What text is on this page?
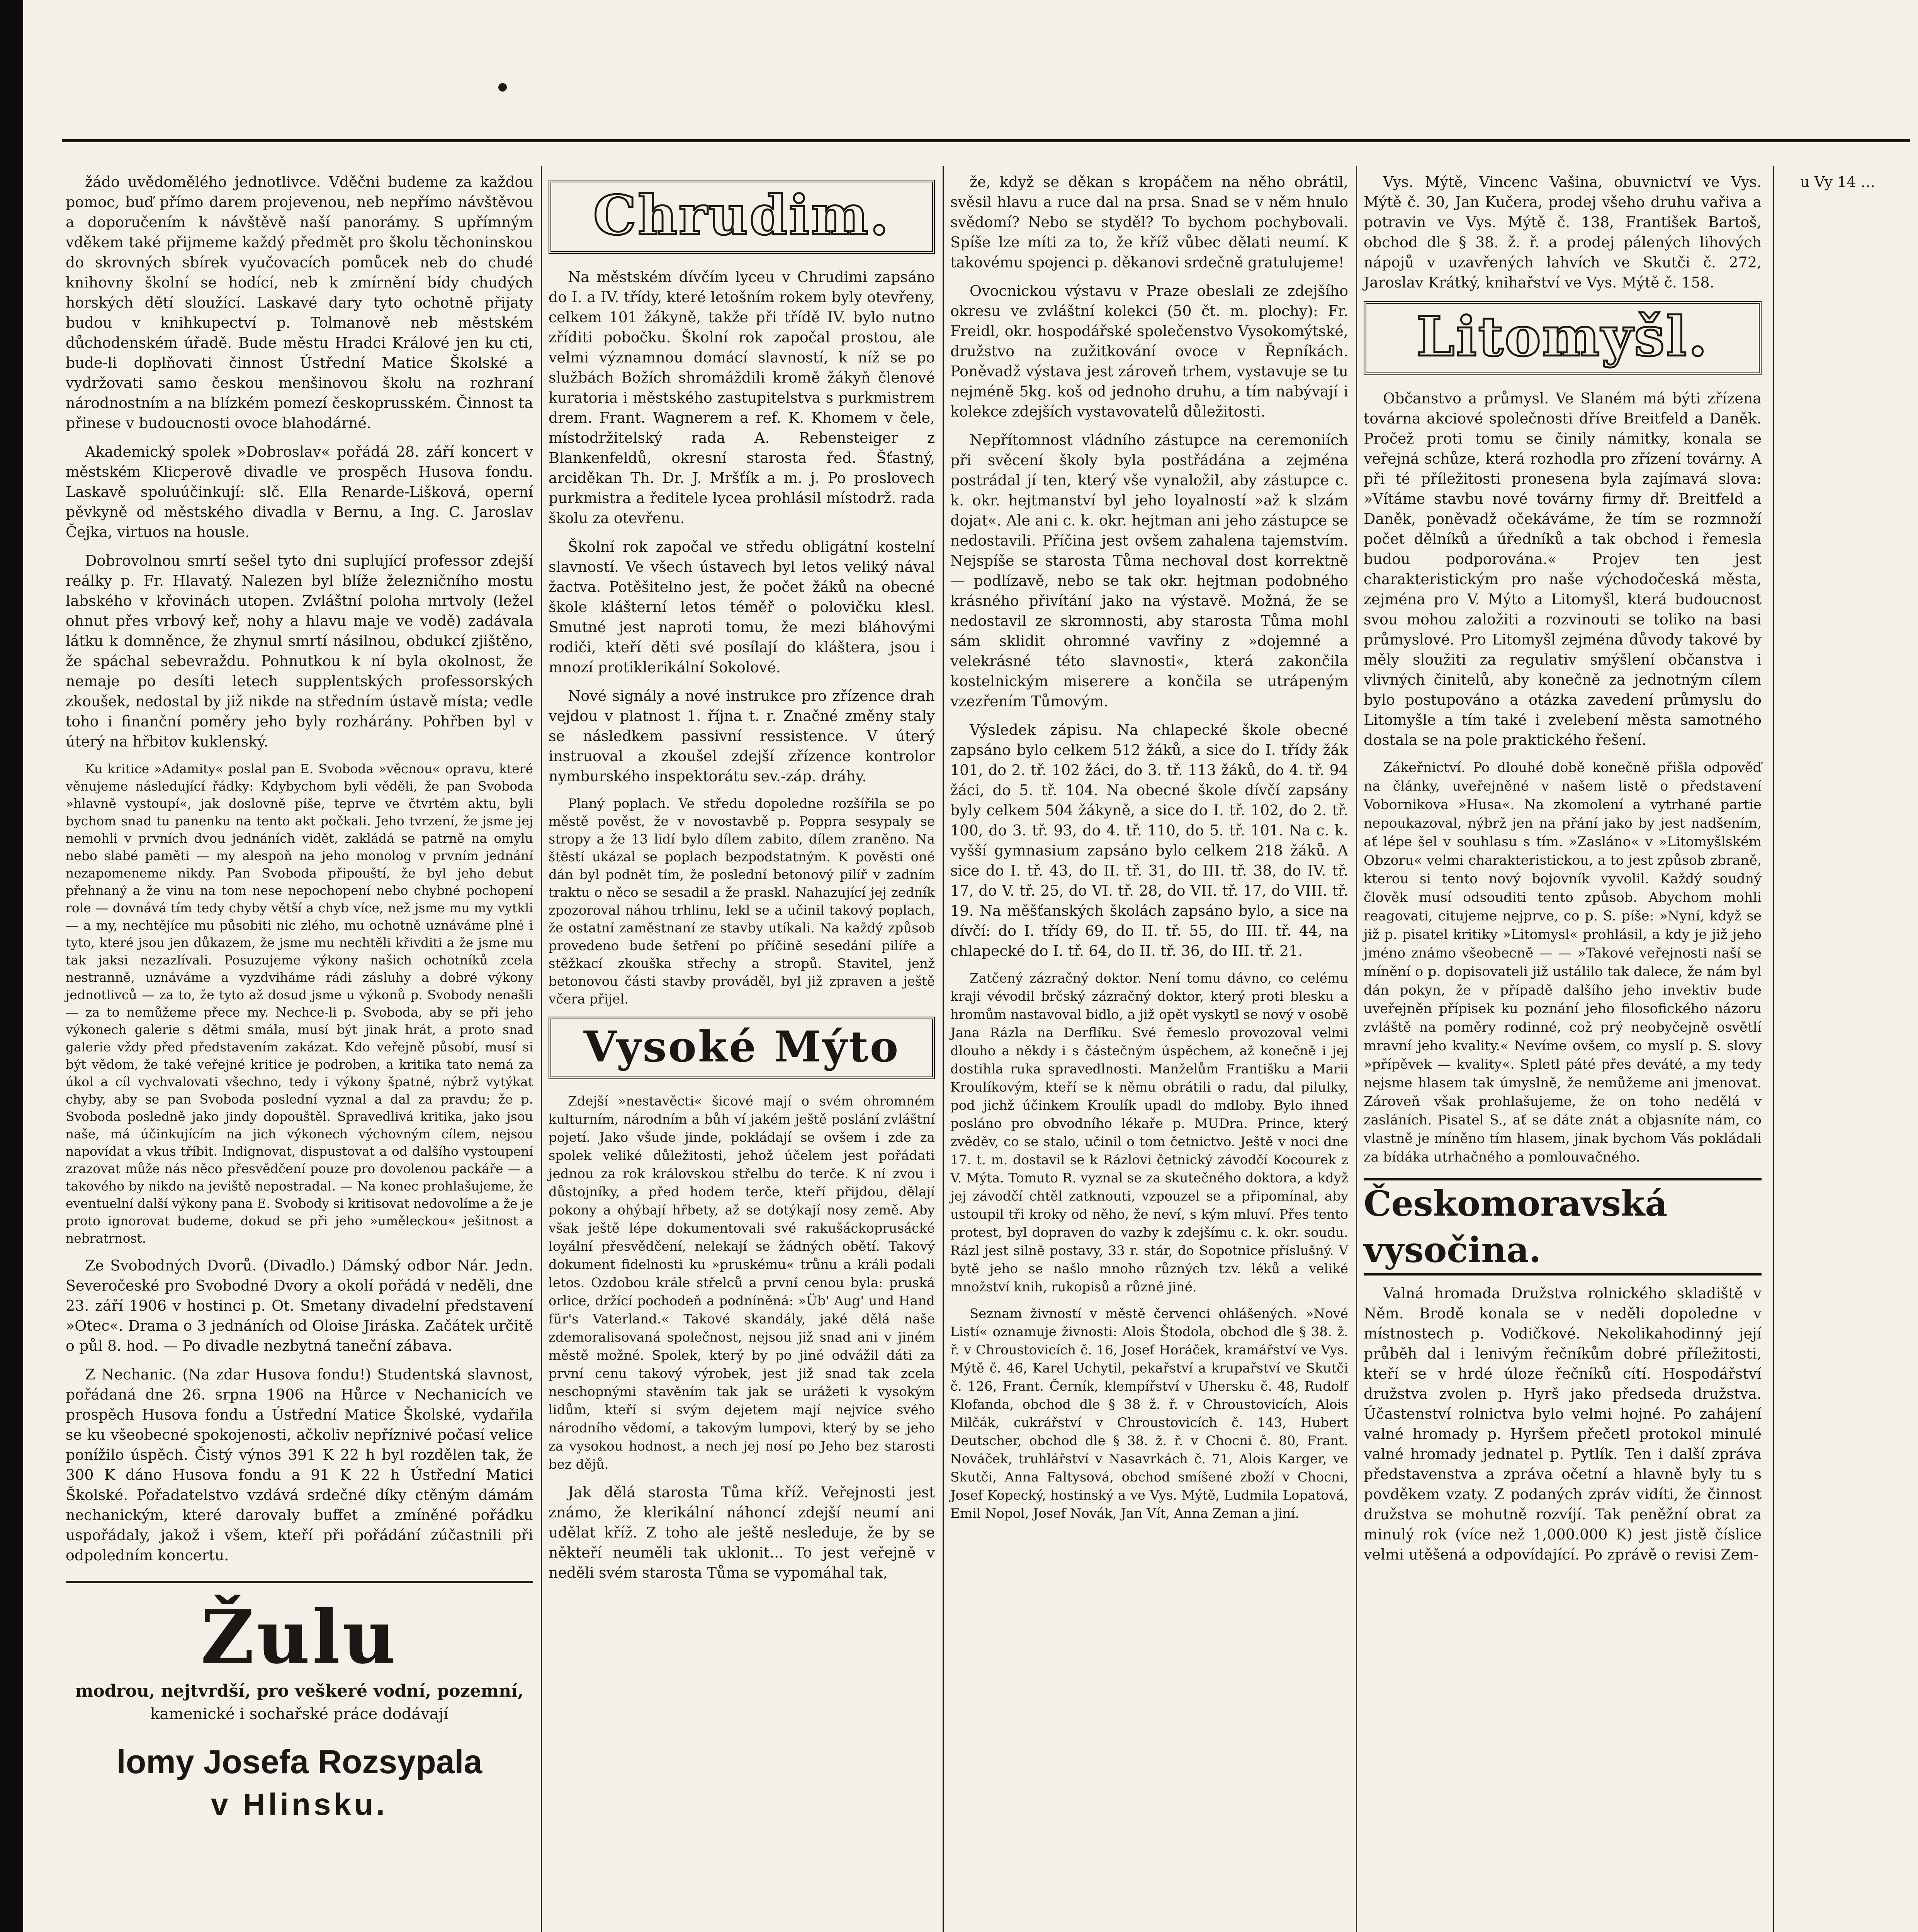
žádo uvědomělého jednotlivce. Vděčni budeme za každou pomoc, buď přímo darem projevenou, neb nepřímo návštěvou a doporučením k návštěvě naší panorámy. S upřímným vděkem také přijmeme každý předmět pro školu těchoninskou do skrovných sbírek vyučovacích pomůcek neb do chudé knihovny školní se hodící, neb k zmírnění bídy chudých horských dětí sloužící. Laskavé dary tyto ochotně přijaty budou v knihkupectví p. Tolmanově neb městském důchodenském úřadě. Bude městu Hradci Králové jen ku cti, bude-li doplňovati činnost Ústřední Matice Školské a vydržovati samo českou menšinovou školu na rozhraní národnostním a na blízkém pomezí českoprusském. Činnost ta přinese v budoucnosti ovoce blahodárné.

Akademický spolek »Dobroslav« pořádá 28. září koncert v městském Klicperově divadle ve prospěch Husova fondu. Laskavě spoluúčinkují: slč. Ella Renarde-Lišková, operní pěvkyně od městského divadla v Bernu, a Ing. C. Jaroslav Čejka, virtuos na housle.

Dobrovolnou smrtí sešel tyto dni suplující professor zdejší reálky p. Fr. Hlavatý. Nalezen byl blíže železničního mostu labského v křovinách utopen. Zvláštní poloha mrtvoly (ležel ohnut přes vrbový keř, nohy a hlavu maje ve vodě) zadávala látku k domněnce, že zhynul smrtí násilnou, obdukcí zjištěno, že spáchal sebevraždu. Pohnutkou k ní byla okolnost, že nemaje po desíti letech supplentských professorských zkoušek, nedostal by již nikde na středním ústavě místa; vedle toho i finanční poměry jeho byly rozhárány. Pohřben byl v úterý na hřbitov kuklenský.

Ku kritice »Adamity« poslal pan E. Svoboda »věcnou« opravu, které věnujeme následující řádky: Kdybychom byli věděli, že pan Svoboda »hlavně vystoupí«, jak doslovně píše, teprve ve čtvrtém aktu, byli bychom snad tu panenku na tento akt počkali. Jeho tvrzení, že jsme jej nemohli v prvních dvou jednáních vidět, zakládá se patrně na omylu nebo slabé paměti — my alespoň na jeho monolog v prvním jednání nezapomeneme nikdy. Pan Svoboda připouští, že byl jeho debut přehnaný a že vinu na tom nese nepochopení nebo chybné pochopení role — dovnává tím tedy chyby větší a chyb více, než jsme mu my vytkli — a my, nechtějíce mu působiti nic zlého, mu ochotně uznáváme plné i tyto, které jsou jen důkazem, že jsme mu nechtěli křivditi a že jsme mu tak jaksi nezazlívali. Posuzujeme výkony našich ochotníků zcela nestranně, uznáváme a vyzdviháme rádi zásluhy a dobré výkony jednotlivců — za to, že tyto až dosud jsme u výkonů p. Svobody nenašli — za to nemůžeme přece my. Nechce-li p. Svoboda, aby se při jeho výkonech galerie s dětmi smála, musí být jinak hrát, a proto snad galerie vždy před představením zakázat. Kdo veřejně působí, musí si být vědom, že také veřejné kritice je podroben, a kritika tato nemá za úkol a cíl vychvalovati všechno, tedy i výkony špatné, nýbrž vytýkat chyby, aby se pan Svoboda poslední vyznal a dal za pravdu; že p. Svoboda posledně jako jindy dopouštěl. Spravedlivá kritika, jako jsou naše, má účinkujícím na jich výkonech výchovným cílem, nejsou napovídat a vkus tříbit. Indignovat, dispustovat a od dalšího vystoupení zrazovat může nás něco přesvědčení pouze pro dovolenou packáře — a takového by nikdo na jeviště nepostradal. — Na konec prohlašujeme, že eventuelní další výkony pana E. Svobody si kritisovat nedovolíme a že je proto ignorovat budeme, dokud se při jeho »uměleckou« ješitnost a nebratrnost.

Ze Svobodných Dvorů. (Divadlo.) Dámský odbor Nár. Jedn. Severočeské pro Svobodné Dvory a okolí pořádá v neděli, dne 23. září 1906 v hostinci p. Ot. Smetany divadelní představení »Otec«. Drama o 3 jednáních od Oloise Jiráska. Začátek určitě o půl 8. hod. — Po divadle nezbytná taneční zábava.

Z Nechanic. (Na zdar Husova fondu!) Studentská slavnost, pořádaná dne 26. srpna 1906 na Hůrce v Nechanicích ve prospěch Husova fondu a Ústřední Matice Školské, vydařila se ku všeobecné spokojenosti, ačkoliv nepříznivé počasí velice ponížilo úspěch. Čistý výnos 391 K 22 h byl rozdělen tak, že 300 K dáno Husova fondu a 91 K 22 h Ústřední Matici Školské. Pořadatelstvo vzdává srdečné díky ctěným dámám nechanickým, které darovaly buffet a zmíněné pořádku uspořádaly, jakož i všem, kteří při pořádání zúčastnili při odpoledním koncertu.

Žulu
modrou, nejtvrdší, pro veškeré vodní, pozemní,
kamenické i sochařské práce dodávají
lomy Josefa Rozsypala
v Hlinsku.
Chrudim.

Na městském dívčím lyceu v Chrudimi zapsáno do I. a IV. třídy, které letošním rokem byly otevřeny, celkem 101 žákyně, takže při třídě IV. bylo nutno zříditi pobočku. Školní rok započal prostou, ale velmi významnou domácí slavností, k níž se po službách Božích shromáždili kromě žákyň členové kuratoria i městského zastupitelstva s purkmistrem drem. Frant. Wagnerem a ref. K. Khomem v čele, místodržitelský rada A. Rebensteiger z Blankenfeldů, okresní starosta řed. Šťastný, arciděkan Th. Dr. J. Mršťík a m. j. Po proslovech purkmistra a ředitele lycea prohlásil místodrž. rada školu za otevřenu.

Školní rok započal ve středu obligátní kostelní slavností. Ve všech ústavech byl letos veliký nával žactva. Potěšitelno jest, že počet žáků na obecné škole klášterní letos téměř o polovičku klesl. Smutné jest naproti tomu, že mezi bláhovými rodiči, kteří děti své posílají do kláštera, jsou i mnozí protiklerikální Sokolové.

Nové signály a nové instrukce pro zřízence drah vejdou v platnost 1. října t. r. Značné změny staly se následkem passivní ressistence. V úterý instruoval a zkoušel zdejší zřízence kontrolor nymburského inspektorátu sev.-záp. dráhy.

Planý poplach. Ve středu dopoledne rozšířila se po městě pověst, že v novostavbě p. Poppra sesypaly se stropy a že 13 lidí bylo dílem zabito, dílem zraněno. Na štěstí ukázal se poplach bezpodstatným. K pověsti oné dán byl podnět tím, že poslední betonový pilíř v zadním traktu o něco se sesadil a že praskl. Nahazující jej zedník zpozoroval náhou trhlinu, lekl se a učinil takový poplach, že ostatní zaměstnaní ze stavby utíkali. Na každý způsob provedeno bude šetření po příčině sesedání pilíře a stěžkací zkouška střechy a stropů. Stavitel, jenž betonovou části stavby prováděl, byl již zpraven a ještě včera přijel.

Vysoké Mýto

Zdejší »nestavěcti« šicové mají o svém ohromném kulturním, národním a bůh ví jakém ještě poslání zvláštní pojetí. Jako všude jinde, pokládají se ovšem i zde za spolek veliké důležitosti, jehož účelem jest pořádati jednou za rok královskou střelbu do terče. K ní zvou i důstojníky, a před hodem terče, kteří přijdou, dělají pokony a ohýbají hřbety, až se dotýkají nosy země. Aby však ještě lépe dokumentovali své rakušáckoprusácké loyální přesvědčení, nelekají se žádných obětí. Takový dokument fidelnosti ku »pruskému« trůnu a králi podali letos. Ozdobou krále střelců a první cenou byla: pruská orlice, držící pochodeň a podníněná: »Üb' Aug' und Hand für's Vaterland.« Takové skandály, jaké dělá naše zdemoralisovaná společnost, nejsou již snad ani v jiném městě možné. Spolek, který by po jiné odvážil dáti za první cenu takový výrobek, jest již snad tak zcela neschopnými stavěním tak jak se urážeti k vysokým lidům, kteří si svým dejetem mají nejvíce svého národního vědomí, a takovým lumpovi, který by se jeho za vysokou hodnost, a nech jej nosí po Jeho bez starosti bez dějů.

Jak dělá starosta Tůma kříž. Veřejnosti jest známo, že klerikální náhoncí zdejší neumí ani udělat kříž. Z toho ale ještě nesleduje, že by se někteří neuměli tak uklonit... To jest veřejně v neděli svém starosta Tůma se vypomáhal tak,

že, když se děkan s kropáčem na něho obrátil, svěsil hlavu a ruce dal na prsa. Snad se v něm hnulo svědomí? Nebo se styděl? To bychom pochybovali. Spíše lze míti za to, že kříž vůbec dělati neumí. K takovému spojenci p. děkanovi srdečně gratulujeme!

Ovocnickou výstavu v Praze obeslali ze zdejšího okresu ve zvláštní kolekci (50 čt. m. plochy): Fr. Freidl, okr. hospodářské společenstvo Vysokomýtské, družstvo na zužitkování ovoce v Řepníkách. Poněvadž výstava jest zároveň trhem, vystavuje se tu nejméně 5kg. koš od jednoho druhu, a tím nabývají i kolekce zdejších vystavovatelů důležitosti.

Nepřítomnost vládního zástupce na ceremoniích při svěcení školy byla postřádána a zejména postrádal jí ten, který vše vynaložil, aby zástupce c. k. okr. hejtmanství byl jeho loyalností »až k slzám dojat«. Ale ani c. k. okr. hejtman ani jeho zástupce se nedostavili. Příčina jest ovšem zahalena tajemstvím. Nejspíše se starosta Tůma nechoval dost korrektně — podlízavě, nebo se tak okr. hejtman podobného krásného přivítání jako na výstavě. Možná, že se nedostavil ze skromnosti, aby starosta Tůma mohl sám sklidit ohromné vavřiny z »dojemné a velekrásné této slavnosti«, která zakončila kostelnickým miserere a končila se utrápeným vzezřením Tůmovým.

Výsledek zápisu. Na chlapecké škole obecné zapsáno bylo celkem 512 žáků, a sice do I. třídy žák 101, do 2. tř. 102 žáci, do 3. tř. 113 žáků, do 4. tř. 94 žáci, do 5. tř. 104. Na obecné škole dívčí zapsány byly celkem 504 žákyně, a sice do I. tř. 102, do 2. tř. 100, do 3. tř. 93, do 4. tř. 110, do 5. tř. 101. Na c. k. vyšší gymnasium zapsáno bylo celkem 218 žáků. A sice do I. tř. 43, do II. tř. 31, do III. tř. 38, do IV. tř. 17, do V. tř. 25, do VI. tř. 28, do VII. tř. 17, do VIII. tř. 19. Na měšťanských školách zapsáno bylo, a sice na dívčí: do I. třídy 69, do II. tř. 55, do III. tř. 44, na chlapecké do I. tř. 64, do II. tř. 36, do III. tř. 21.

Zatčený zázračný doktor. Není tomu dávno, co celému kraji vévodil brčský zázračný doktor, který proti blesku a hromům nastavoval bidlo, a již opět vyskytl se nový v osobě Jana Rázla na Derflíku. Své řemeslo provozoval velmi dlouho a někdy i s částečným úspěchem, až konečně i jej dostihla ruka spravedlnosti. Manželům Františku a Marii Kroulíkovým, kteří se k němu obrátili o radu, dal pilulky, pod jichž účinkem Kroulík upadl do mdloby. Bylo ihned posláno pro obvodního lékaře p. MUDra. Prince, který zvěděv, co se stalo, učinil o tom četnictvo. Ještě v noci dne 17. t. m. dostavil se k Rázlovi četnický závodčí Kocourek z V. Mýta. Tomuto R. vyznal se za skutečného doktora, a když jej závodčí chtěl zatknouti, vzpouzel se a připomínal, aby ustoupil tři kroky od něho, že neví, s kým mluví. Přes tento protest, byl dopraven do vazby k zdejšímu c. k. okr. soudu. Rázl jest silně postavy, 33 r. stár, do Sopotnice příslušný. V bytě jeho se našlo mnoho různých tzv. léků a veliké množství knih, rukopisů a různé jiné.

Seznam živností v městě červenci ohlášených. »Nové Listí« oznamuje živnosti: Alois Štodola, obchod dle § 38. ž. ř. v Chroustovicích č. 16, Josef Horáček, kramářství ve Vys. Mýtě č. 46, Karel Uchytil, pekařství a krupařství ve Skutči č. 126, Frant. Černík, klempířství v Uhersku č. 48, Rudolf Klofanda, obchod dle § 38 ž. ř. v Chroustovicích, Alois Milčák, cukrářství v Chroustovicích č. 143, Hubert Deutscher, obchod dle § 38. ž. ř. v Chocni č. 80, Frant. Nováček, truhlářství v Nasavrkách č. 71, Alois Karger, ve Skutči, Anna Faltysová, obchod smíšené zboží v Chocni, Josef Kopecký, hostinský a ve Vys. Mýtě, Ludmila Lopatová, Emil Nopol, Josef Novák, Jan Vít, Anna Zeman a jiní.

Vys. Mýtě, Vincenc Vašina, obuvnictví ve Vys. Mýtě č. 30, Jan Kučera, prodej všeho druhu vařiva a potravin ve Vys. Mýtě č. 138, František Bartoš, obchod dle § 38. ž. ř. a prodej pálených lihových nápojů v uzavřených lahvích ve Skutči č. 272, Jaroslav Krátký, knihařství ve Vys. Mýtě č. 158.

Litomyšl.

Občanstvo a průmysl. Ve Slaném má býti zřízena továrna akciové společnosti dříve Breitfeld a Daněk. Pročež proti tomu se činily námitky, konala se veřejná schůze, která rozhodla pro zřízení továrny. A při té příležitosti pronesena byla zajímavá slova: »Vítáme stavbu nové továrny firmy dř. Breitfeld a Daněk, poněvadž očekáváme, že tím se rozmnoží počet dělníků a úředníků a tak obchod i řemesla budou podporována.« Projev ten jest charakteristickým pro naše východočeská města, zejména pro V. Mýto a Litomyšl, která budoucnost svou mohou založiti a rozvinouti se toliko na basi průmyslové. Pro Litomyšl zejména důvody takové by měly sloužiti za regulativ smýšlení občanstva i vlivných činitelů, aby konečně za jednotným cílem bylo postupováno a otázka zavedení průmyslu do Litomyšle a tím také i zvelebení města samotného dostala se na pole praktického řešení.

Zákeřnictví. Po dlouhé době konečně přišla odpověď na články, uveřejněné v našem listě o představení Vobornikova »Husa«. Na zkomolení a vytrhané partie nepoukazoval, nýbrž jen na přání jako by jest nadšením, ať lépe šel v souhlasu s tím. »Zasláno« v »Litomyšlském Obzoru« velmi charakteristickou, a to jest způsob zbraně, kterou si tento nový bojovník vyvolil. Každý soudný člověk musí odsouditi tento způsob. Abychom mohli reagovati, citujeme nejprve, co p. S. píše: »Nyní, když se již p. pisatel kritiky »Litomysl« prohlásil, a kdy je již jeho jméno známo všeobecně — — »Takové veřejnosti naší se mínění o p. dopisovateli již ustálilo tak dalece, že nám byl dán pokyn, že v případě dalšího jeho invektiv bude uveřejněn přípisek ku poznání jeho filosofického názoru zvláště na poměry rodinné, což prý neobyčejně osvětlí mravní jeho kvality.« Nevíme ovšem, co myslí p. S. slovy »přípěvek — kvality«. Spletl páté přes deváté, a my tedy nejsme hlasem tak úmyslně, že nemůžeme ani jmenovat. Zároveň však prohlašujeme, že on toho nedělá v zasláních. Pisatel S., ať se dáte znát a objasníte nám, co vlastně je míněno tím hlasem, jinak bychom Vás pokládali za bídáka utrhačného a pomlouvačného.

Českomoravská vysočina.

Valná hromada Družstva rolnického skladiště v Něm. Brodě konala se v neděli dopoledne v místnostech p. Vodičkové. Nekolikahodinný její průběh dal i lenivým řečníkům dobré příležitosti, kteří se v hrdé úloze řečníků cítí. Hospodářství družstva zvolen p. Hyrš jako předseda družstva. Účastenství rolnictva bylo velmi hojné. Po zahájení valné hromady p. Hyršem přečetl protokol minulé valné hromady jednatel p. Pytlík. Ten i další zpráva představenstva a zpráva očetní a hlavně byly tu s povděkem vzaty. Z podaných zpráv vidíti, že činnost družstva se mohutně rozvíjí. Tak peněžní obrat za minulý rok (více než 1,000.000 K) jest jistě číslice velmi utěšená a odpovídající. Po zprávě o revisi Zem-

u Vy 14 …
